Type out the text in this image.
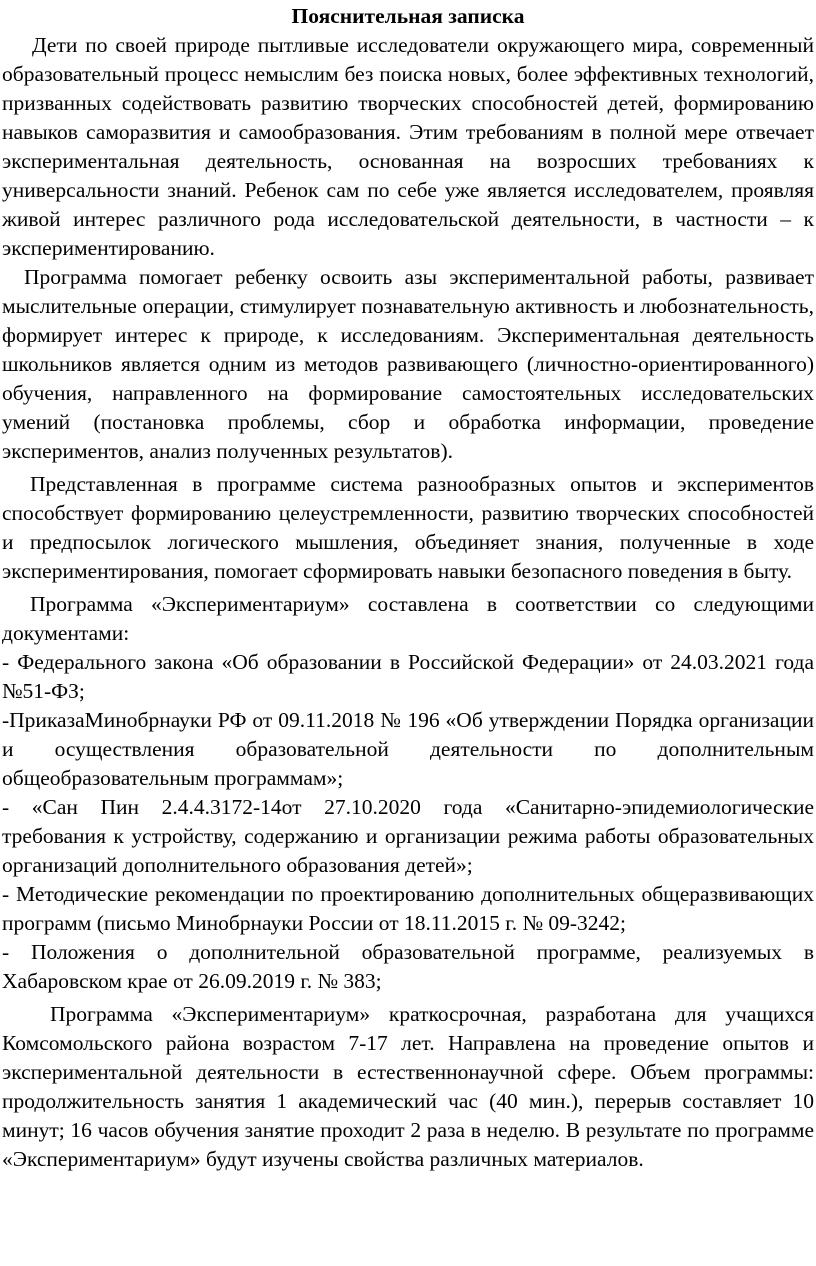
Пояснительная записка

Дети по своей природе пытливые исследователи окружающего мира, современный образовательный процесс немыслим без поиска новых, более эффективных технологий, призванных содействовать развитию творческих способностей детей, формированию навыков саморазвития и самообразования. Этим требованиям в полной мере отвечает экспериментальная деятельность, основанная на возросших требованиях к универсальности знаний. Ребенок сам по себе уже является исследователем, проявляя живой интерес различного рода исследовательской деятельности, в частности – к экспериментированию.

Программа помогает ребенку освоить азы экспериментальной работы, развивает мыслительные операции, стимулирует познавательную активность и любознательность, формирует интерес к природе, к исследованиям. Экспериментальная деятельность школьников является одним из методов развивающего (личностно-ориентированного) обучения, направленного на формирование самостоятельных исследовательских умений (постановка проблемы, сбор и обработка информации, проведение экспериментов, анализ полученных результатов).

Представленная в программе система разнообразных опытов и экспериментов способствует формированию целеустремленности, развитию творческих способностей и предпосылок логического мышления, объединяет знания, полученные в ходе экспериментирования, помогает сформировать навыки безопасного поведения в быту.

Программа «Экспериментариум» составлена в соответствии со следующими документами:

- Федерального закона «Об образовании в Российской Федерации» от 24.03.2021 года №51-ФЗ;

-ПриказаМинобрнауки РФ от 09.11.2018 № 196 «Об утверждении Порядка организации и осуществления образовательной деятельности по дополнительным общеобразовательным программам»;

- «Сан Пин 2.4.4.3172-14от 27.10.2020 года «Санитарно-эпидемиологические требования к устройству, содержанию и организации режима работы образовательных организаций дополнительного образования детей»;

- Методические рекомендации по проектированию дополнительных общеразвивающих программ (письмо Минобрнауки России от 18.11.2015 г. № 09-3242;

- Положения о дополнительной образовательной программе, реализуемых в Хабаровском крае от 26.09.2019 г. № 383;

Программа «Экспериментариум» краткосрочная, разработана для учащихся Комсомольского района возрастом 7-17 лет. Направлена на проведение опытов и экспериментальной деятельности в естественнонаучной сфере. Объем программы: продолжительность занятия 1 академический час (40 мин.), перерыв составляет 10 минут; 16 часов обучения занятие проходит 2 раза в неделю. В результате по программе «Экспериментариум» будут изучены свойства различных материалов.
